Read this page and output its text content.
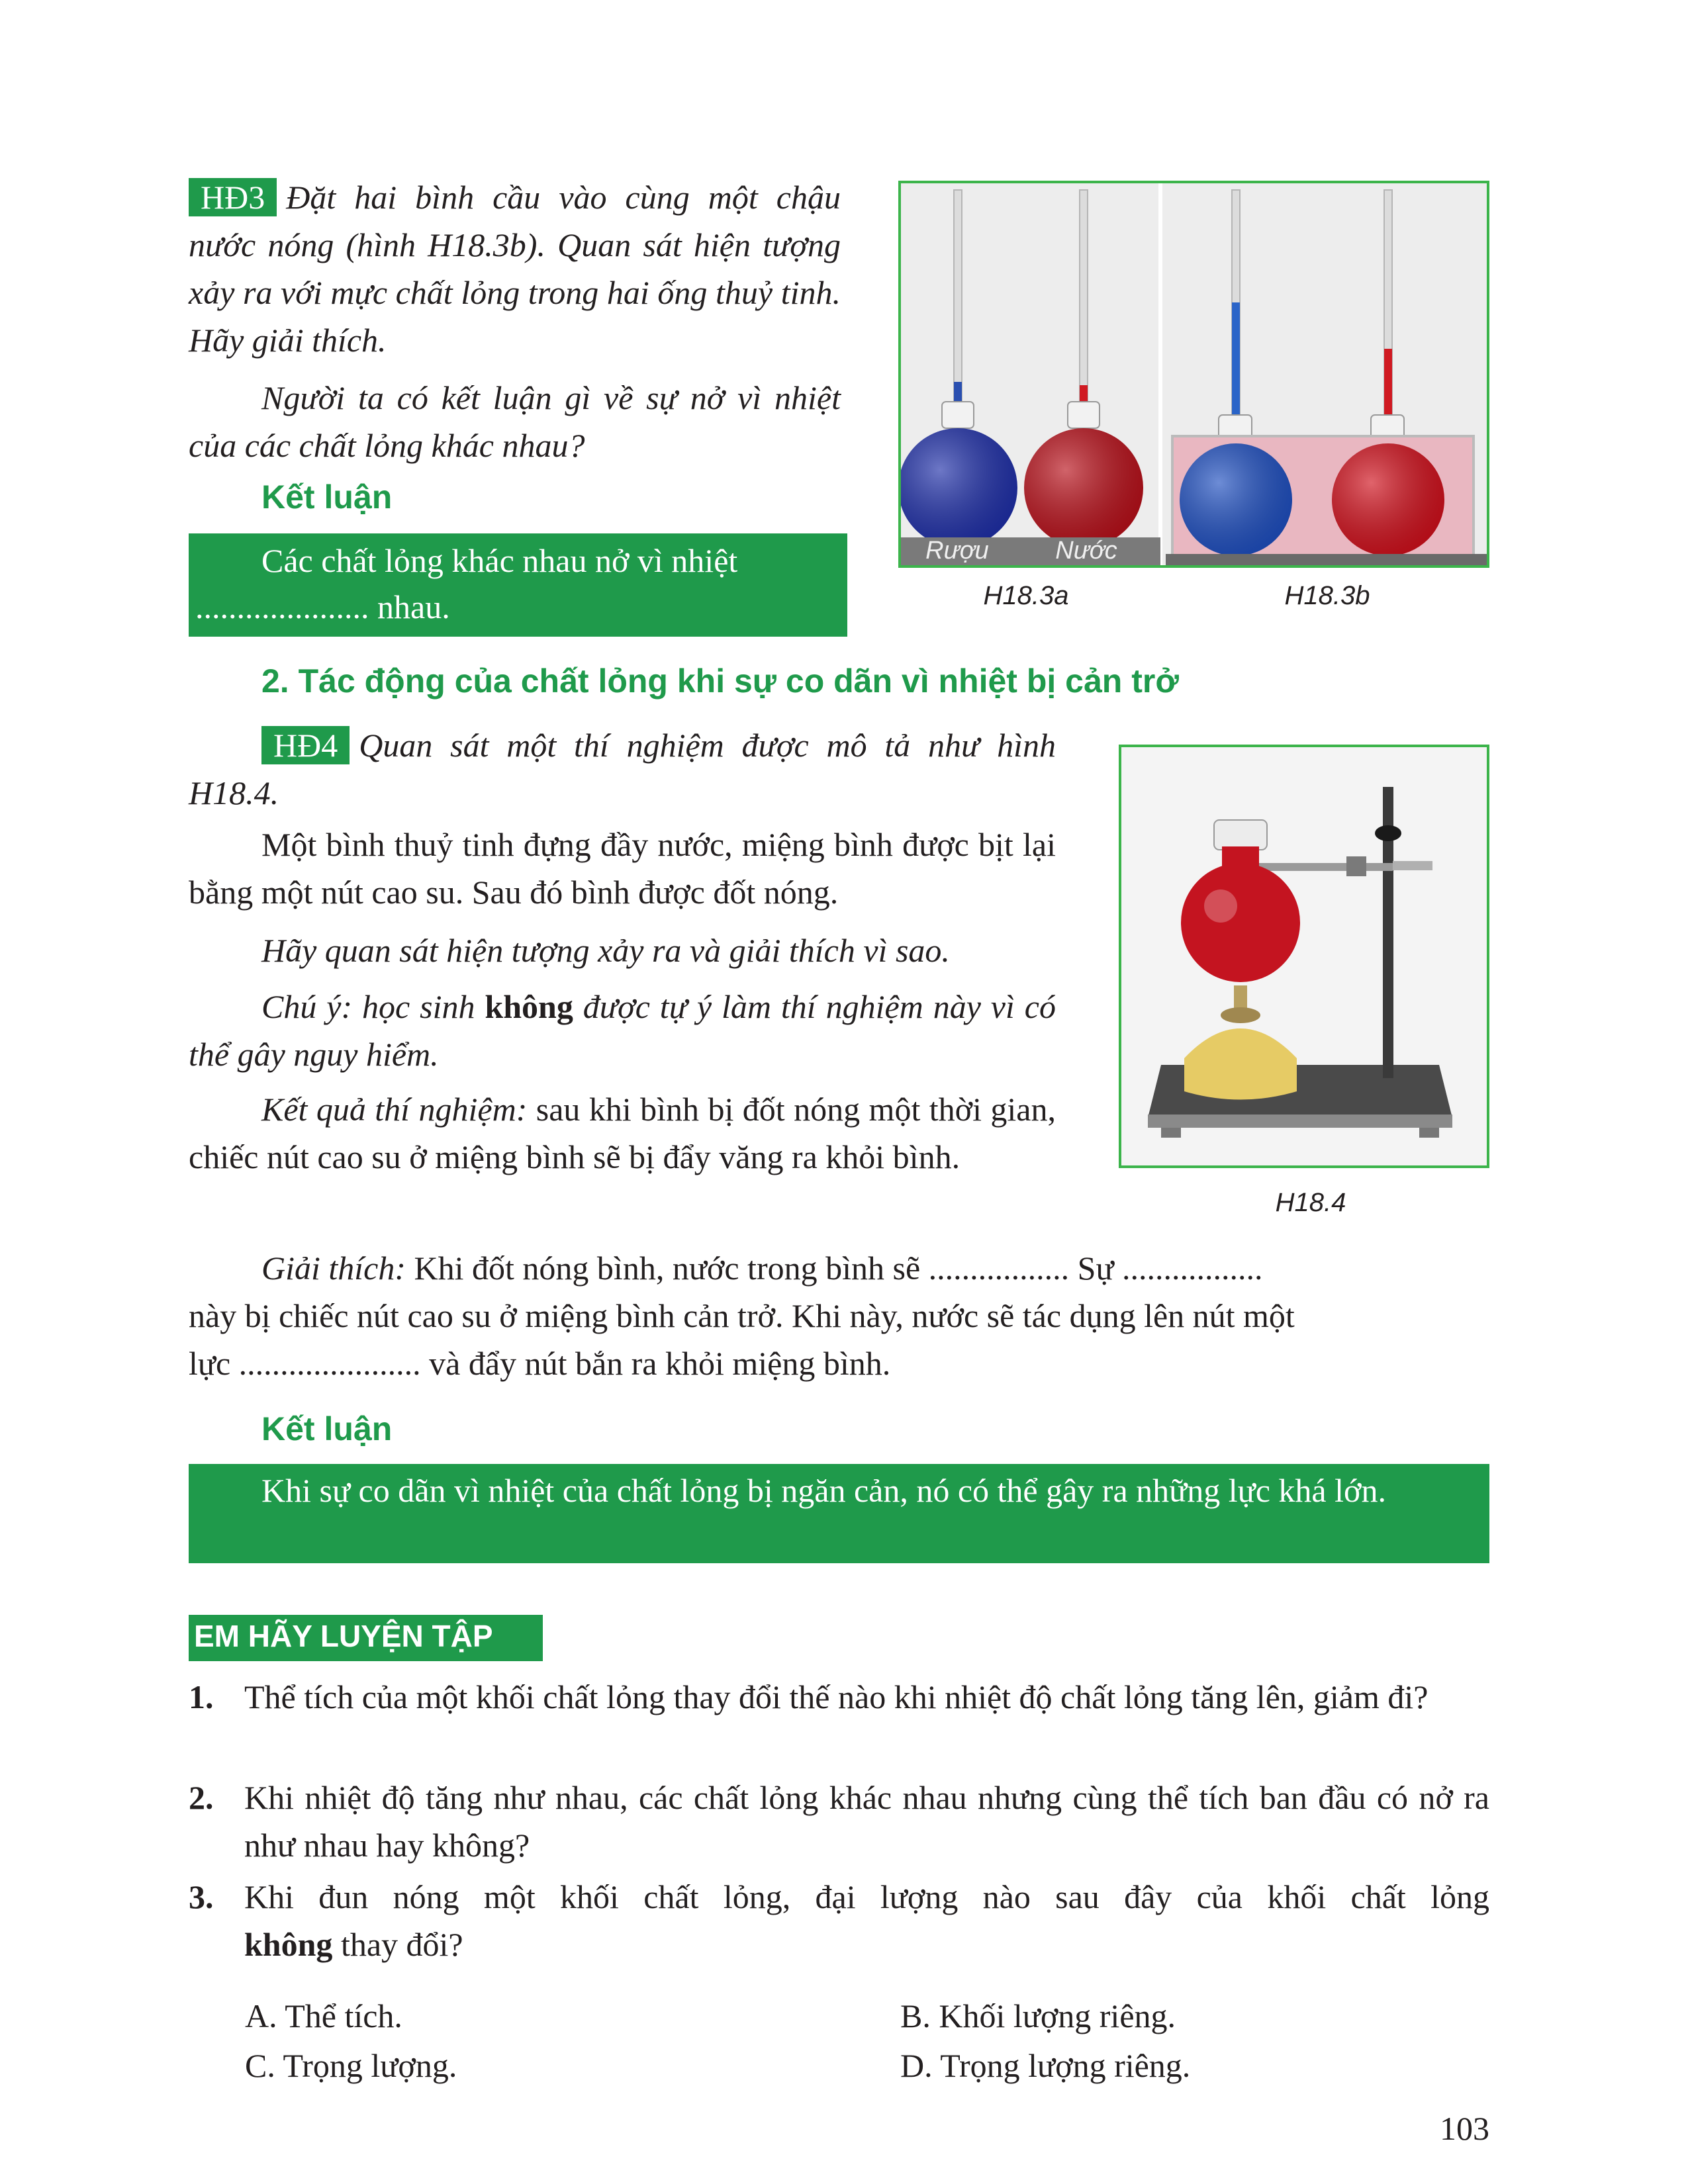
HĐ3 Đặt hai bình cầu vào cùng một chậu nước nóng (hình H18.3b). Quan sát hiện tượng xảy ra với mực chất lỏng trong hai ống thuỷ tinh. Hãy giải thích.
Người ta có kết luận gì về sự nở vì nhiệt của các chất lỏng khác nhau?
Kết luận
Các chất lỏng khác nhau nở vì nhiệt
..................... nhau.
Rượu	Nước
H18.3a	H18.3b
2. Tác động của chất lỏng khi sự co dãn vì nhiệt bị cản trở
HĐ4 Quan sát một thí nghiệm được mô tả như hình H18.4.
Một bình thuỷ tinh đựng đầy nước, miệng bình được bịt lại bằng một nút cao su. Sau đó bình được đốt nóng.
Hãy quan sát hiện tượng xảy ra và giải thích vì sao.
Chú ý: học sinh không được tự ý làm thí nghiệm này vì có thể gây nguy hiểm.
Kết quả thí nghiệm: sau khi bình bị đốt nóng một thời gian, chiếc nút cao su ở miệng bình sẽ bị đẩy văng ra khỏi bình.
H18.4
Giải thích: Khi đốt nóng bình, nước trong bình sẽ ................. Sự .................
này bị chiếc nút cao su ở miệng bình cản trở. Khi này, nước sẽ tác dụng lên nút một
lực ...................... và đẩy nút bắn ra khỏi miệng bình.
Kết luận
Khi sự co dãn vì nhiệt của chất lỏng bị ngăn cản, nó có thể gây ra những lực khá lớn.
EM HÃY LUYỆN TẬP
1. Thể tích của một khối chất lỏng thay đổi thế nào khi nhiệt độ chất lỏng tăng lên, giảm đi?
2. Khi nhiệt độ tăng như nhau, các chất lỏng khác nhau nhưng cùng thể tích ban đầu có nở ra như nhau hay không?
3. Khi đun nóng một khối chất lỏng, đại lượng nào sau đây của khối chất lỏng
không thay đổi?
A. Thể tích.	B. Khối lượng riêng.
C. Trọng lượng.	D. Trọng lượng riêng.
103
